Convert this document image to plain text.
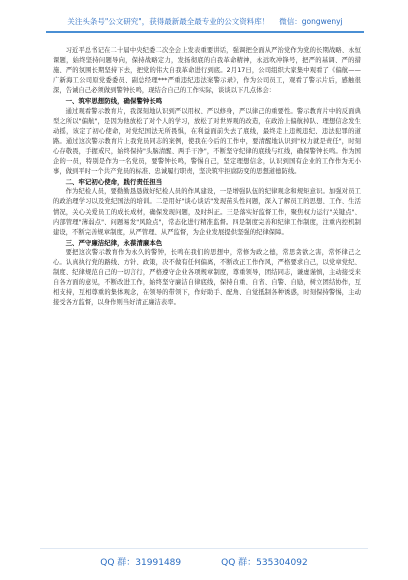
关注头条号"公文研究"，获得最新最全最专业的公文资料库！ 微信：gongwenyj

习近平总书记在二十届中央纪委二次全会上发表重要讲话，强调把全面从严治党作为党的长期战略、永恒课题，始终坚持问题导向，保持战略定力，发扬彻底的自我革命精神，永远吹冲锋号，把严的基调、严的措施、严的氛围长期坚持下去，把党的伟大自我革命进行到底。2月17日，公司组织大家集中观看了《偏航——广新海工公司原党委委员、副总经理***严重违纪违法案警示录》，作为公司员工，观看了警示片后，感触很深，告诫自己必须做到警钟长鸣，现结合自己的工作实际，谈谈以下几点体会：

一、筑牢思想防线，确保警钟长鸣

通过观看警示教育片，我深刻地认识到严以用权、严以修身，严以律己的重要性。警示教育片中的反面典型之所以"偏航"，是因为他放松了对个人的学习，放松了对世界观的改造，在政治上偏航掉队、理想信念发生动摇，该定了初心使命，对党纪国法无所畏惧，在利益面前失去了底线，最终走上违规违纪、违法犯罪的道路。通过这次警示教育片上我党员同志的案例，使我在今后的工作中，要清醒地认识到"权力就是责任"，时刻心存敬畏，手握戒尺，始终保持"头脑清醒、两手干净"，不断坚守纪律的底线与红线，确保警钟长鸣。作为国企的一员，特别是作为一名党员，要警钟长鸣，警惕自己，坚定理想信念，认识到国有企业的工作作为无小事，做到平时一个共产党员的标准、忠诚履行职责，坚决筑牢拒腐防变的思想道德防线。

二、牢记初心使命，践行责任担当

作为纪检人员，要勤勤恳恳做好纪检人员的作风建设，一是增强队伍的纪律观念和规矩意识。加强对员工的政治理学习以及党纪国法的培训。二是用好"谈心谈话"发现苗头性问题，深入了解员工的思想、工作、生活情况，关心关爱员工的成长成材，确保发现问题，及时纠正。三是落实好监督工作，聚焦权力运行"关键点"、内部管理"薄弱点"、问题易发"风险点"，常态化进行精准监督。四是制度完善和纪律工作制度，注重内控机制建设，不断完善规章制度，从严管理、从严监督，为企业发展提供坚强的纪律保障。

三、严守廉洁纪律，永葆清廉本色

要把这次警示教育作为永久的警钟，长鸣在我们的思想中，常修为政之德，常思贪欲之害，常怀律己之心。认真执行党的路线、方针、政策，决不做有任何偏离，不断改正工作作风，严格要求自己，以党章党纪、制度、纪律规范自己的一切言行，严格遵守企业各项规章制度，尊重领导，团结同志，谦虚谨慎，主动接受来自各方面的意见，不断改进工作，始终坚守廉洁自律底线，保持自重、自省、自警、自励，树立团结协作，互相支持，互相尊重的集体观念，在领导的带领下，作好助手、配角、自觉抵制各种诱惑，时刻保持警惕，主动接受各方监督，以身作则当好清正廉洁表率。

QQ 群：31991489	QQ 群：535304092
